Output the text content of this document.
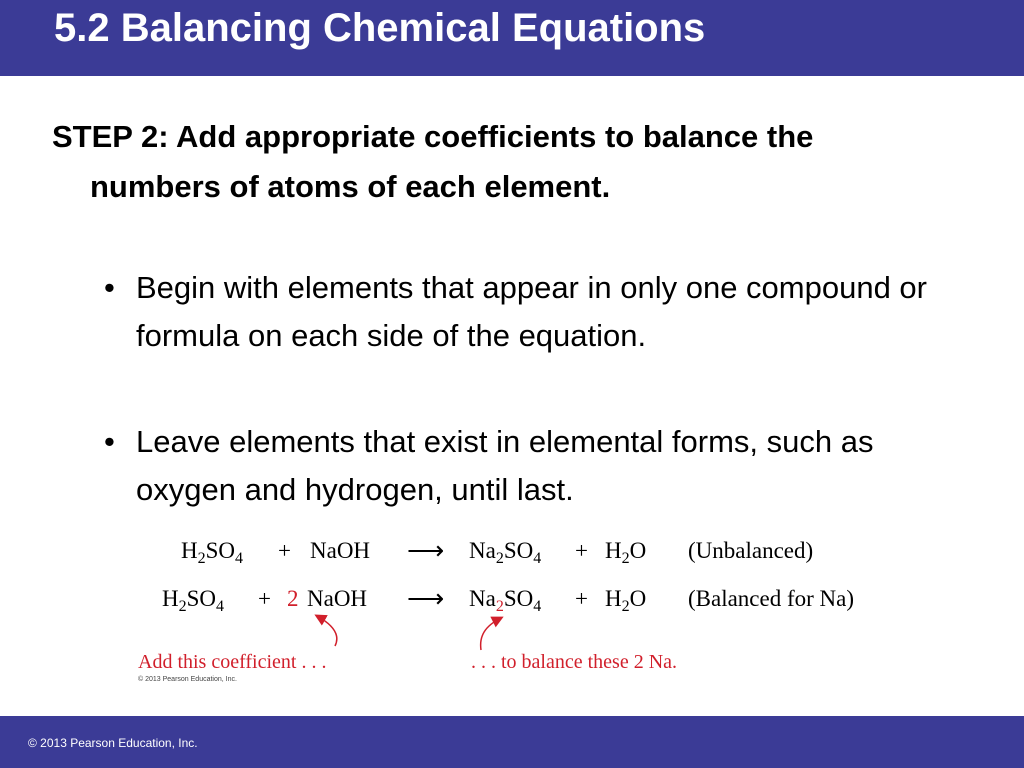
5.2 Balancing Chemical Equations
STEP 2: Add appropriate coefficients to balance the numbers of atoms of each element.
• Begin with elements that appear in only one compound or formula on each side of the equation.
• Leave elements that exist in elemental forms, such as oxygen and hydrogen, until last.
$H_2SO_4$ + NaOH ⟶ $Na_2SO_4 + H_2O$ (Unbalanced)
$H_2SO_4 + 2$ NaOH ⟶ $Na_2SO_4 + H_2O$ (Balanced for Na)
Add this coefficient . . .	. . . to balance these 2 Na.
© 2013 Pearson Education, Inc.
© 2013 Pearson Education, Inc.
